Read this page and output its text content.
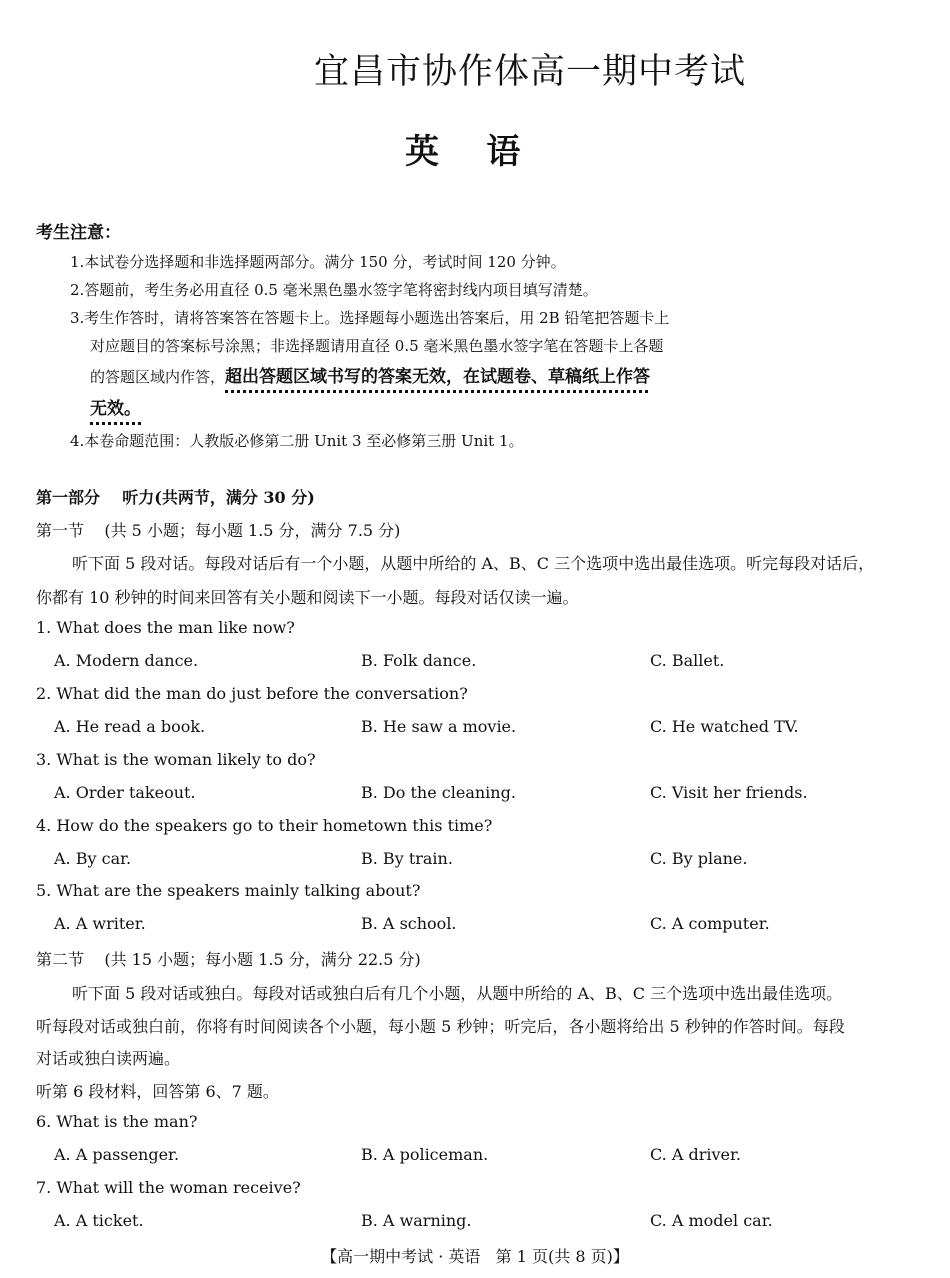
宜昌市协作体高一期中考试
英    语
考生注意：
1.本试卷分选择题和非选择题两部分。满分 150 分，考试时间 120 分钟。
2.答题前，考生务必用直径 0.5 毫米黑色墨水签字笔将密封线内项目填写清楚。
3.考生作答时，请将答案答在答题卡上。选择题每小题选出答案后，用 2B 铅笔把答题卡上
对应题目的答案标号涂黑；非选择题请用直径 0.5 毫米黑色墨水签字笔在答题卡上各题
的答题区域内作答，超出答题区域书写的答案无效，在试题卷、草稿纸上作答
无效。
4.本卷命题范围：人教版必修第二册 Unit 3 至必修第三册 Unit 1。
第一部分    听力(共两节，满分 30 分)
第一节    (共 5 小题；每小题 1.5 分，满分 7.5 分)
听下面 5 段对话。每段对话后有一个小题，从题中所给的 A、B、C 三个选项中选出最佳选项。听完每段对话后，
你都有 10 秒钟的时间来回答有关小题和阅读下一小题。每段对话仅读一遍。
1. What does the man like now?
A. Modern dance.	B. Folk dance.	C. Ballet.
2. What did the man do just before the conversation?
A. He read a book.	B. He saw a movie.	C. He watched TV.
3. What is the woman likely to do?
A. Order takeout.	B. Do the cleaning.	C. Visit her friends.
4. How do the speakers go to their hometown this time?
A. By car.	B. By train.	C. By plane.
5. What are the speakers mainly talking about?
A. A writer.	B. A school.	C. A computer.
第二节    (共 15 小题；每小题 1.5 分，满分 22.5 分)
听下面 5 段对话或独白。每段对话或独白后有几个小题，从题中所给的 A、B、C 三个选项中选出最佳选项。
听每段对话或独白前，你将有时间阅读各个小题，每小题 5 秒钟；听完后，各小题将给出 5 秒钟的作答时间。每段
对话或独白读两遍。
听第 6 段材料，回答第 6、7 题。
6. What is the man?
A. A passenger.	B. A policeman.	C. A driver.
7. What will the woman receive?
A. A ticket.	B. A warning.	C. A model car.
【高一期中考试 · 英语   第 1 页(共 8 页)】
